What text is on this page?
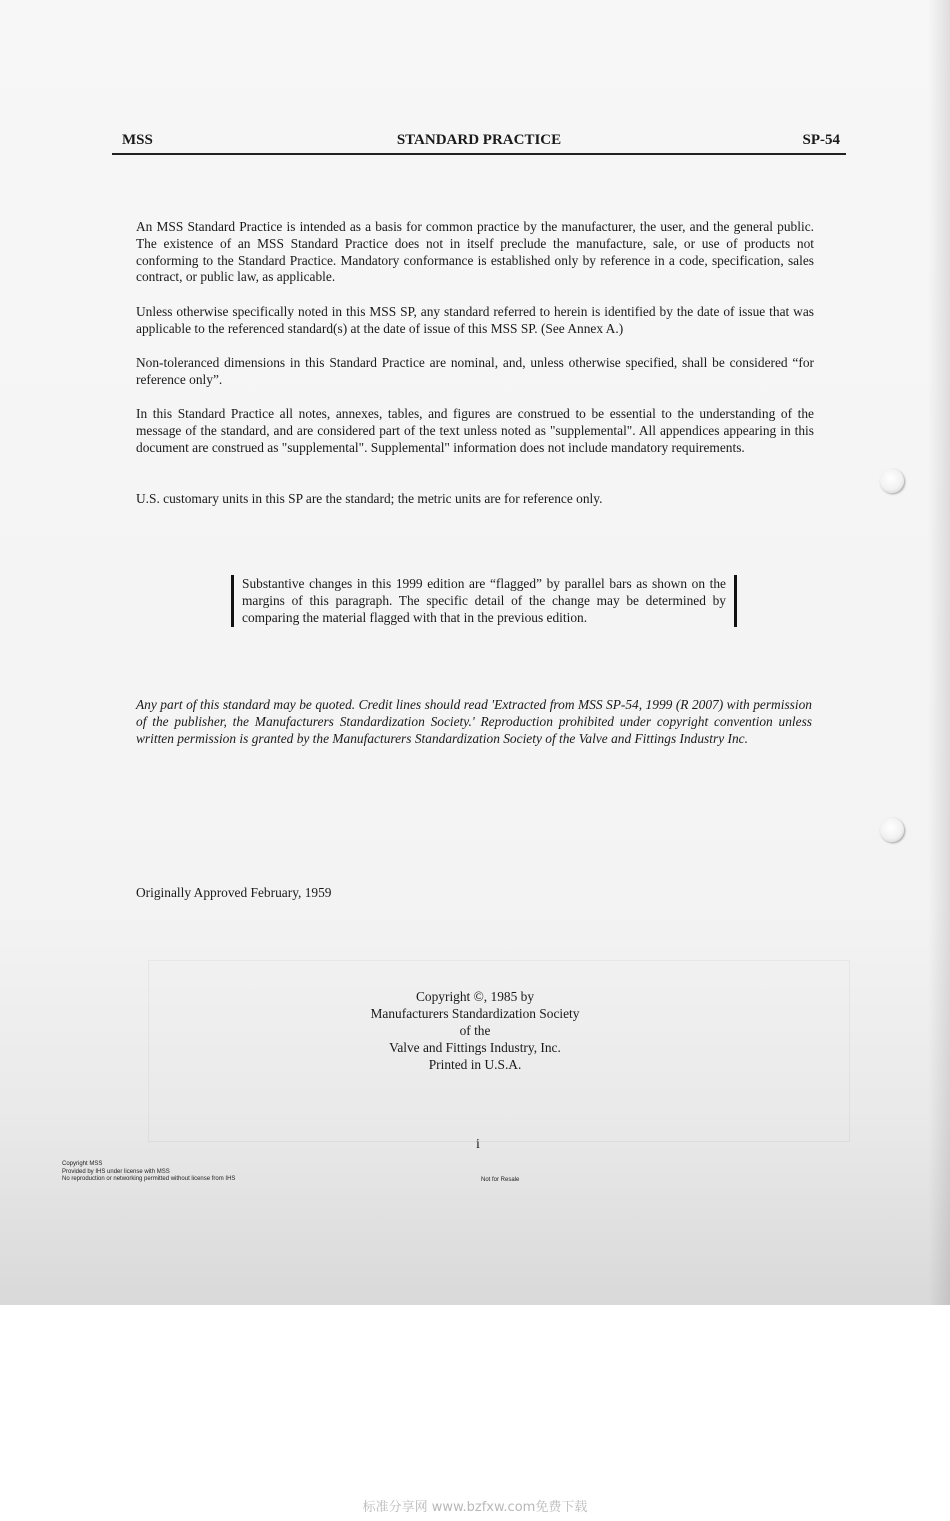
MSS	STANDARD PRACTICE	SP-54

An MSS Standard Practice is intended as a basis for common practice by the manufacturer, the user, and the general public. The existence of an MSS Standard Practice does not in itself preclude the manufacture, sale, or use of products not conforming to the Standard Practice. Mandatory conformance is established only by reference in a code, specification, sales contract, or public law, as applicable.

Unless otherwise specifically noted in this MSS SP, any standard referred to herein is identified by the date of issue that was applicable to the referenced standard(s) at the date of issue of this MSS SP. (See Annex A.)

Non-toleranced dimensions in this Standard Practice are nominal, and, unless otherwise specified, shall be considered “for reference only”.

In this Standard Practice all notes, annexes, tables, and figures are construed to be essential to the understanding of the message of the standard, and are considered part of the text unless noted as "supplemental". All appendices appearing in this document are construed as "supplemental". Supplemental" information does not include mandatory requirements.

U.S. customary units in this SP are the standard; the metric units are for reference only.

Substantive changes in this 1999 edition are “flagged” by parallel bars as shown on the margins of this paragraph. The specific detail of the change may be determined by comparing the material flagged with that in the previous edition.

Any part of this standard may be quoted. Credit lines should read 'Extracted from MSS SP-54, 1999 (R 2007) with permission of the publisher, the Manufacturers Standardization Society.' Reproduction prohibited under copyright convention unless written permission is granted by the Manufacturers Standardization Society of the Valve and Fittings Industry Inc.

Originally Approved February, 1959
Copyright ©, 1985 by
Manufacturers Standardization Society
of the
Valve and Fittings Industry, Inc.
Printed in U.S.A.
i
Copyright MSS
Provided by IHS under license with MSS
No reproduction or networking permitted without license from IHS	Not for Resale
标准分享网 www.bzfxw.com免费下载
